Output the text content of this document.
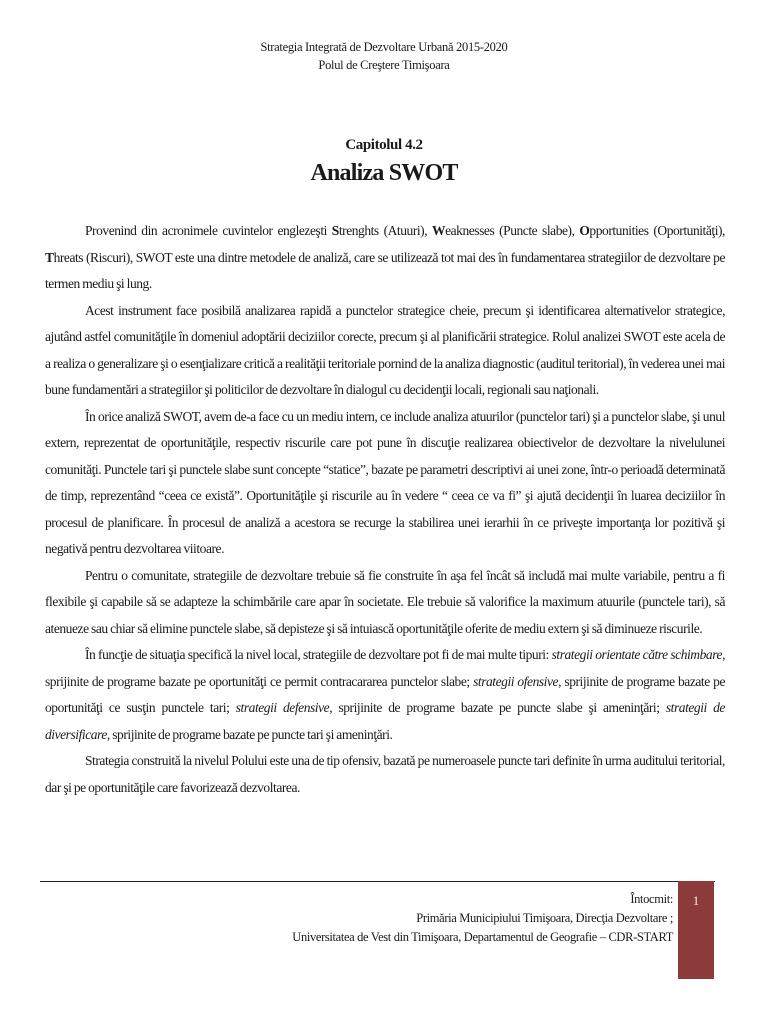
Strategia Integrată de Dezvoltare Urbană 2015-2020
Polul de Creştere Timişoara
Capitolul 4.2
Analiza SWOT

Provenind din acronimele cuvintelor englezeşti Strenghts (Atuuri), Weaknesses (Puncte slabe), Opportunities (Oportunităţi), Threats (Riscuri), SWOT este una dintre metodele de analiză, care se utilizează tot mai des în fundamentarea strategiilor de dezvoltare pe termen mediu şi lung.

Acest instrument face posibilă analizarea rapidă a punctelor strategice cheie, precum şi identificarea alternativelor strategice, ajutând astfel comunităţile în domeniul adoptării deciziilor corecte, precum şi al planificării strategice. Rolul analizei SWOT este acela de a realiza o generalizare şi o esenţializare critică a realităţii teritoriale pornind de la analiza diagnostic (auditul teritorial), în vederea unei mai bune fundamentări a strategiilor şi politicilor de dezvoltare în dialogul cu decidenţii locali, regionali sau naţionali.

În orice analiză SWOT, avem de-a face cu un mediu intern, ce include analiza atuurilor (punctelor tari) şi a punctelor slabe, şi unul extern, reprezentat de oportunităţile, respectiv riscurile care pot pune în discuţie realizarea obiectivelor de dezvoltare la nivelulunei comunităţi. Punctele tari şi punctele slabe sunt concepte “statice”, bazate pe parametri descriptivi ai unei zone, într-o perioadă determinată de timp, reprezentând “ceea ce există”. Oportunităţile şi riscurile au în vedere “ ceea ce va fi” şi ajută decidenţii în luarea deciziilor în procesul de planificare. În procesul de analiză a acestora se recurge la stabilirea unei ierarhii în ce priveşte importanţa lor pozitivă şi negativă pentru dezvoltarea viitoare.

Pentru o comunitate, strategiile de dezvoltare trebuie să fie construite în aşa fel încât să includă mai multe variabile, pentru a fi flexibile şi capabile să se adapteze la schimbările care apar în societate. Ele trebuie să valorifice la maximum atuurile (punctele tari), să atenueze sau chiar să elimine punctele slabe, să depisteze şi să intuiască oportunităţile oferite de mediu extern şi să diminueze riscurile.

În funcţie de situaţia specifică la nivel local, strategiile de dezvoltare pot fi de mai multe tipuri: strategii orientate către schimbare, sprijinite de programe bazate pe oportunităţi ce permit contracararea punctelor slabe; strategii ofensive, sprijinite de programe bazate pe oportunităţi ce susţin punctele tari; strategii defensive, sprijinite de programe bazate pe puncte slabe şi ameninţări; strategii de diversificare, sprijinite de programe bazate pe puncte tari şi ameninţări.

Strategia construită la nivelul Polului este una de tip ofensiv, bazată pe numeroasele puncte tari definite în urma auditului teritorial, dar şi pe oportunităţile care favorizează dezvoltarea.

Întocmit:
Primăria Municipiului Timişoara, Direcţia Dezvoltare ;
Universitatea de Vest din Timişoara, Departamentul de Geografie – CDR-START
1
